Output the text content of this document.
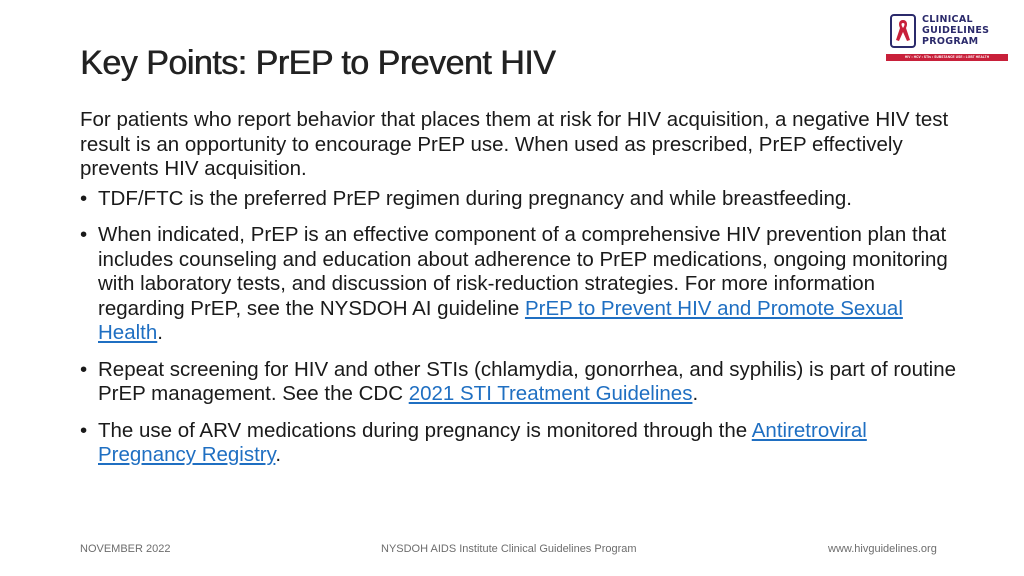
Key Points: PrEP to Prevent HIV
CLINICAL
GUIDELINES
PROGRAM
HIV • HCV • STIs • SUBSTANCE USE • LGBT HEALTH

For patients who report behavior that places them at risk for HIV acquisition, a negative HIV test result is an opportunity to encourage PrEP use. When used as prescribed, PrEP effectively prevents HIV acquisition.

• TDF/FTC is the preferred PrEP regimen during pregnancy and while breastfeeding.
• When indicated, PrEP is an effective component of a comprehensive HIV prevention plan that includes counseling and education about adherence to PrEP medications, ongoing monitoring with laboratory tests, and discussion of risk-reduction strategies. For more information regarding PrEP, see the NYSDOH AI guideline PrEP to Prevent HIV and Promote Sexual Health.
• Repeat screening for HIV and other STIs (chlamydia, gonorrhea, and syphilis) is part of routine PrEP management. See the CDC 2021 STI Treatment Guidelines.
• The use of ARV medications during pregnancy is monitored through the Antiretroviral Pregnancy Registry.
NOVEMBER 2022	NYSDOH AIDS Institute Clinical Guidelines Program	www.hivguidelines.org
